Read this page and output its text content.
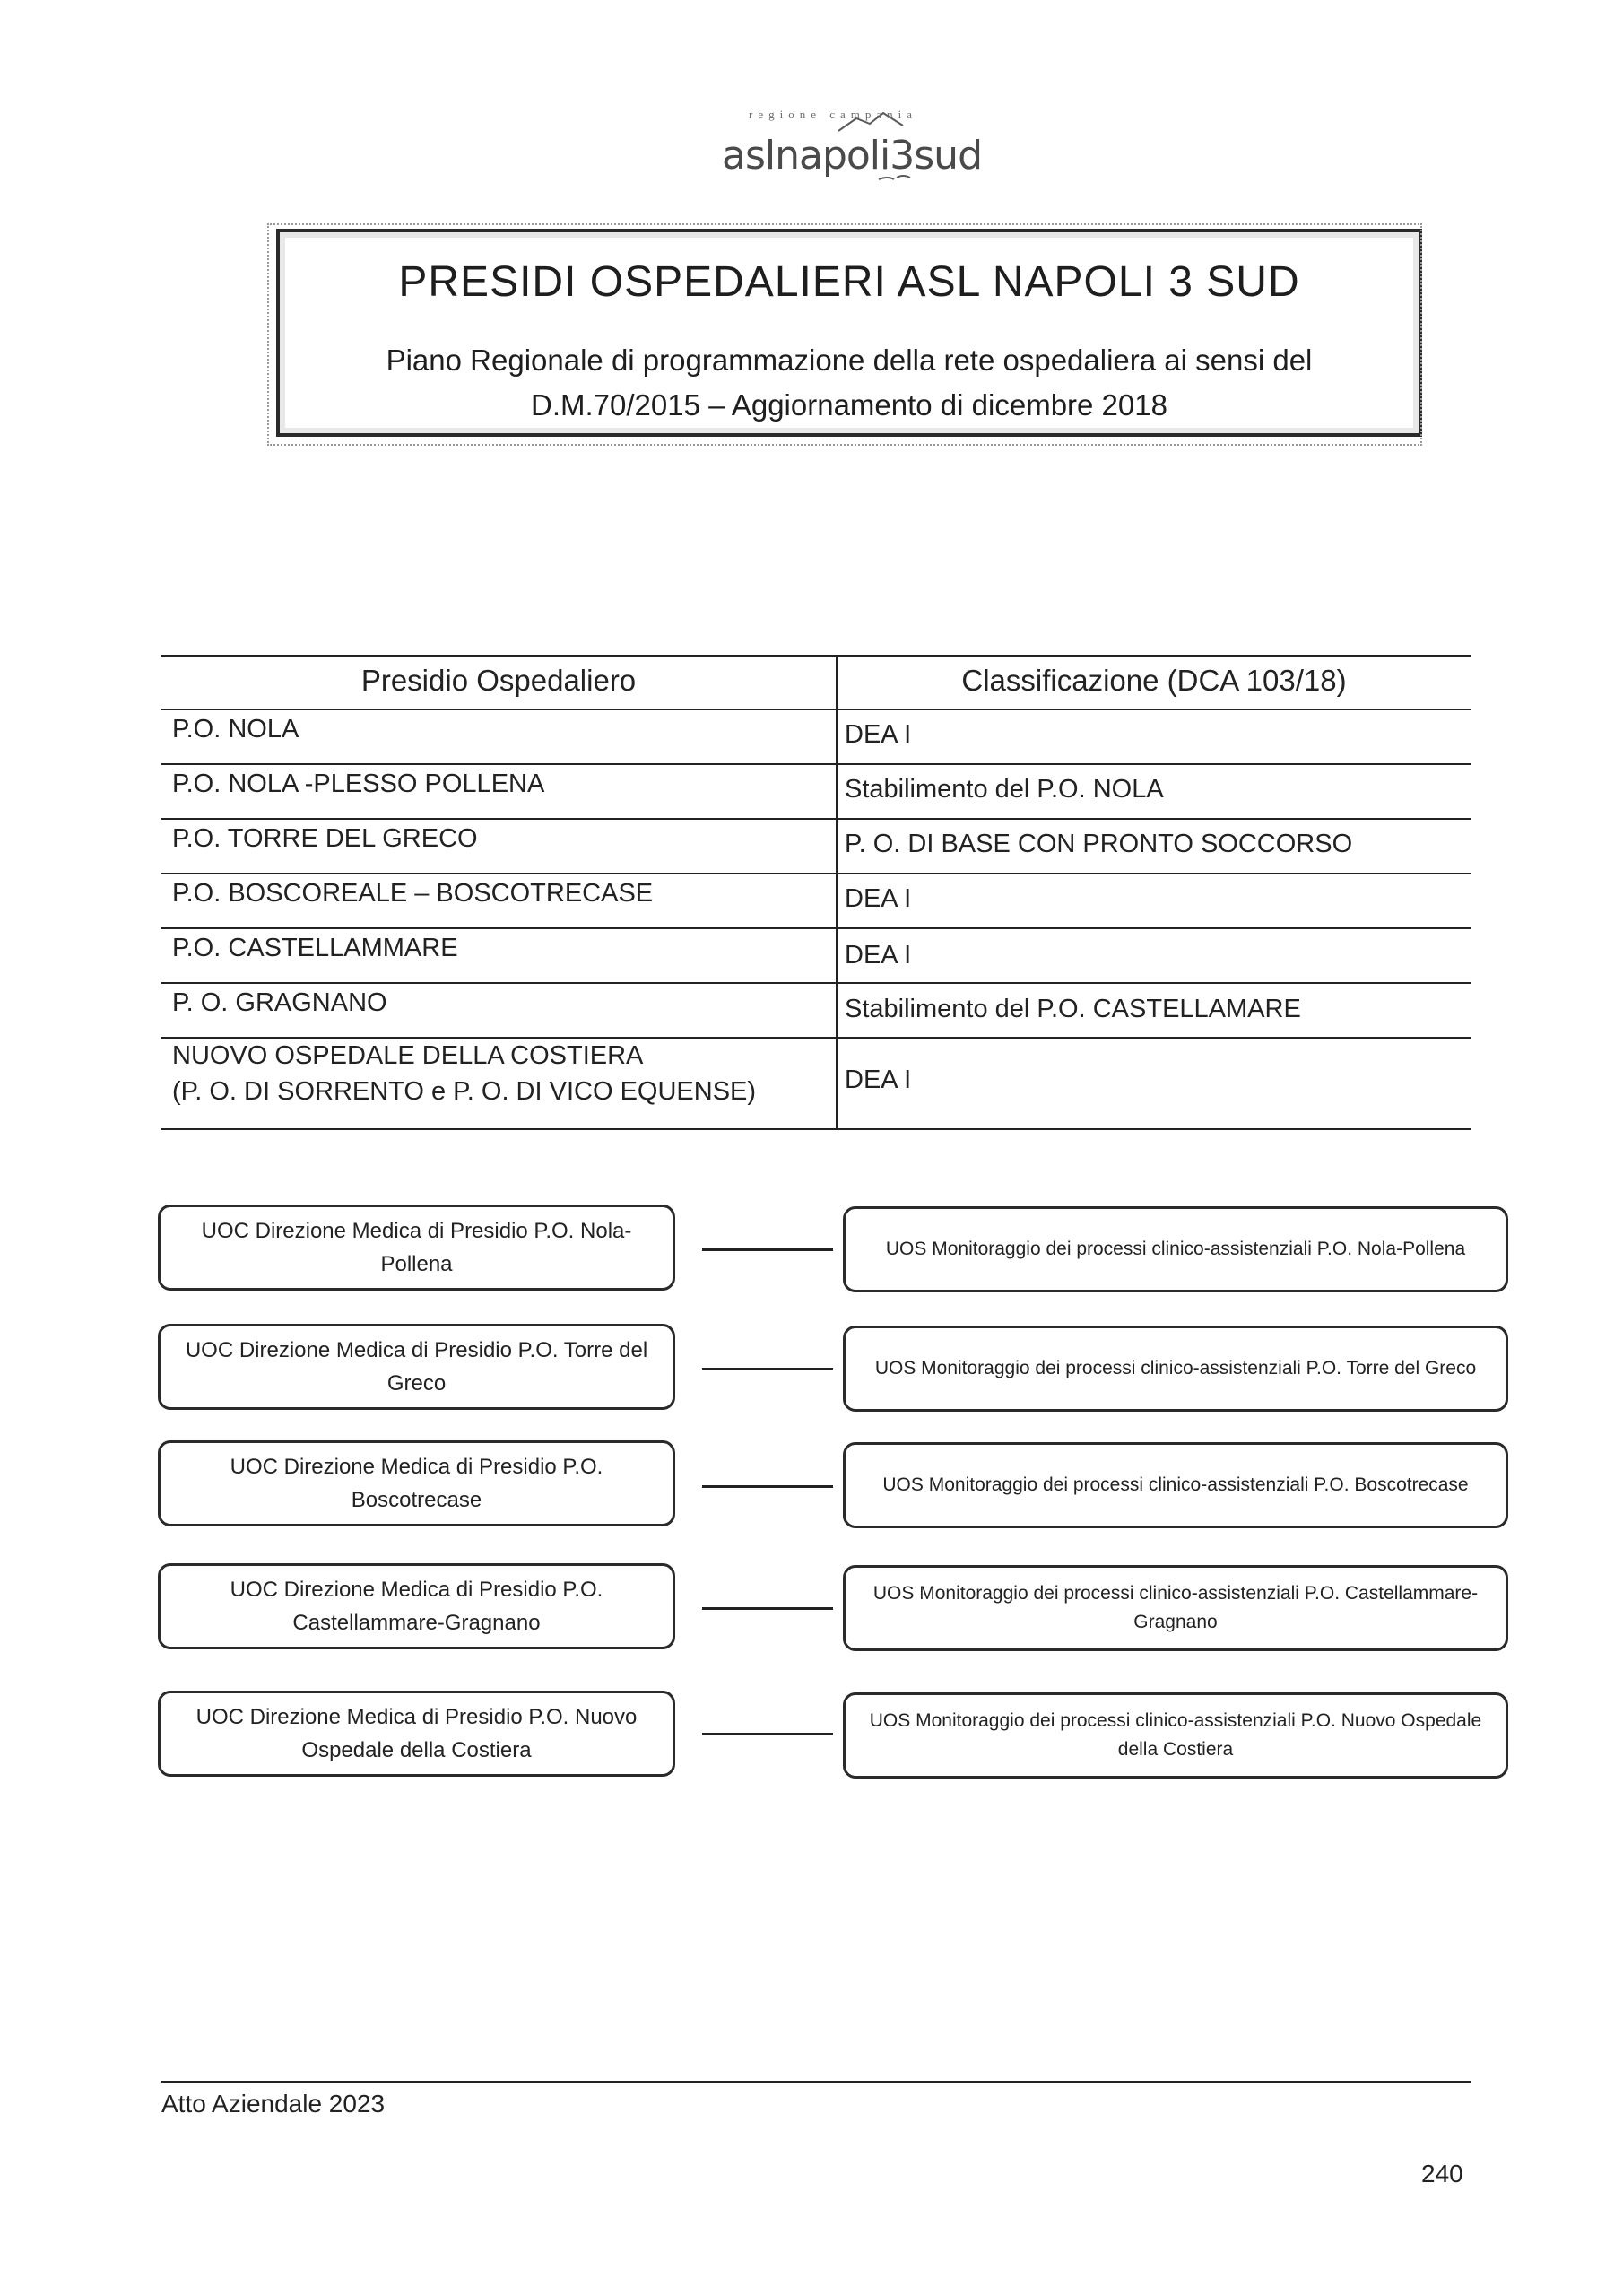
regione campania
aslnapoli3sud
PRESIDI OSPEDALIERI ASL NAPOLI 3 SUD
Piano Regionale di programmazione della rete ospedaliera ai sensi del
D.M.70/2015 – Aggiornamento di dicembre 2018
Presidio Ospedaliero	Classificazione (DCA 103/18)
P.O. NOLA	DEA I
P.O. NOLA -PLESSO POLLENA	Stabilimento del P.O. NOLA
P.O. TORRE DEL GRECO	P. O. DI BASE CON PRONTO SOCCORSO
P.O. BOSCOREALE – BOSCOTRECASE	DEA I
P.O. CASTELLAMMARE	DEA I
P. O. GRAGNANO	Stabilimento del P.O. CASTELLAMARE
NUOVO OSPEDALE DELLA COSTIERA
(P. O. DI SORRENTO e P. O. DI VICO EQUENSE)	DEA I
UOC Direzione Medica di Presidio P.O. Nola-
Pollena
UOS Monitoraggio dei processi clinico-assistenziali P.O. Nola-Pollena
UOC Direzione Medica di Presidio P.O. Torre del
Greco
UOS Monitoraggio dei processi clinico-assistenziali P.O. Torre del Greco
UOC Direzione Medica di Presidio P.O.
Boscotrecase
UOS Monitoraggio dei processi clinico-assistenziali P.O. Boscotrecase
UOC Direzione Medica di Presidio P.O.
Castellammare-Gragnano
UOS Monitoraggio dei processi clinico-assistenziali P.O. Castellammare-
Gragnano
UOC Direzione Medica di Presidio P.O. Nuovo
Ospedale della Costiera
UOS Monitoraggio dei processi clinico-assistenziali P.O. Nuovo Ospedale
della Costiera
Atto Aziendale 2023
240
